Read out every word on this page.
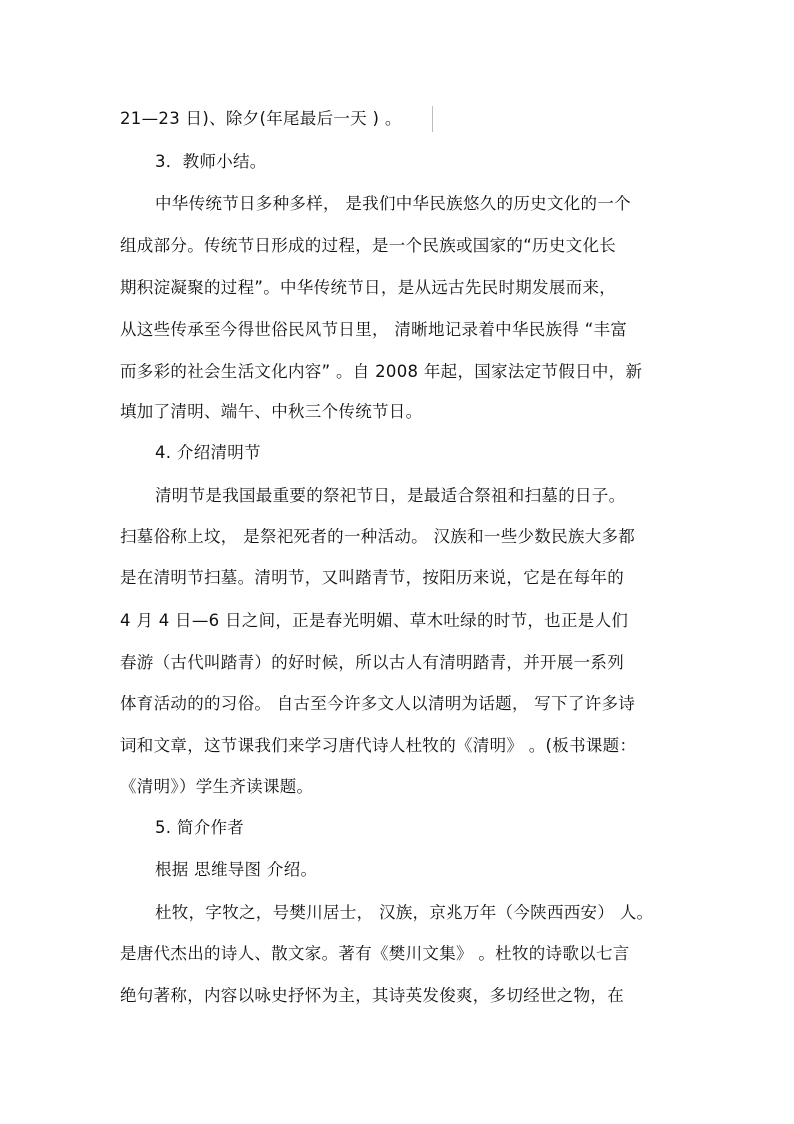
21—23 日)、除夕(年尾最后一天 ) 。
3．教师小结。
中华传统节日多种多样， 是我们中华民族悠久的历史文化的一个
组成部分。传统节日形成的过程，是一个民族或国家的“历史文化长
期积淀凝聚的过程”。中华传统节日，是从远古先民时期发展而来，
从这些传承至今得世俗民风节日里， 清晰地记录着中华民族得 “丰富
而多彩的社会生活文化内容” 。自 2008 年起，国家法定节假日中，新
填加了清明、端午、中秋三个传统节日。
4. 介绍清明节
清明节是我国最重要的祭祀节日，是最适合祭祖和扫墓的日子。
扫墓俗称上坟， 是祭祀死者的一种活动。 汉族和一些少数民族大多都
是在清明节扫墓。清明节，又叫踏青节，按阳历来说，它是在每年的
4 月 4 日—6 日之间，正是春光明媚、草木吐绿的时节，也正是人们
春游（古代叫踏青）的好时候，所以古人有清明踏青，并开展一系列
体育活动的的习俗。 自古至今许多文人以清明为话题， 写下了许多诗
词和文章，这节课我们来学习唐代诗人杜牧的《清明》 。(板书课题：
《清明》）学生齐读课题。
5. 简介作者
根据 思维导图 介绍。
杜牧，字牧之，号樊川居士， 汉族，京兆万年（今陕西西安） 人。
是唐代杰出的诗人、散文家。著有《樊川文集》 。杜牧的诗歌以七言
绝句著称，内容以咏史抒怀为主，其诗英发俊爽，多切经世之物，在
